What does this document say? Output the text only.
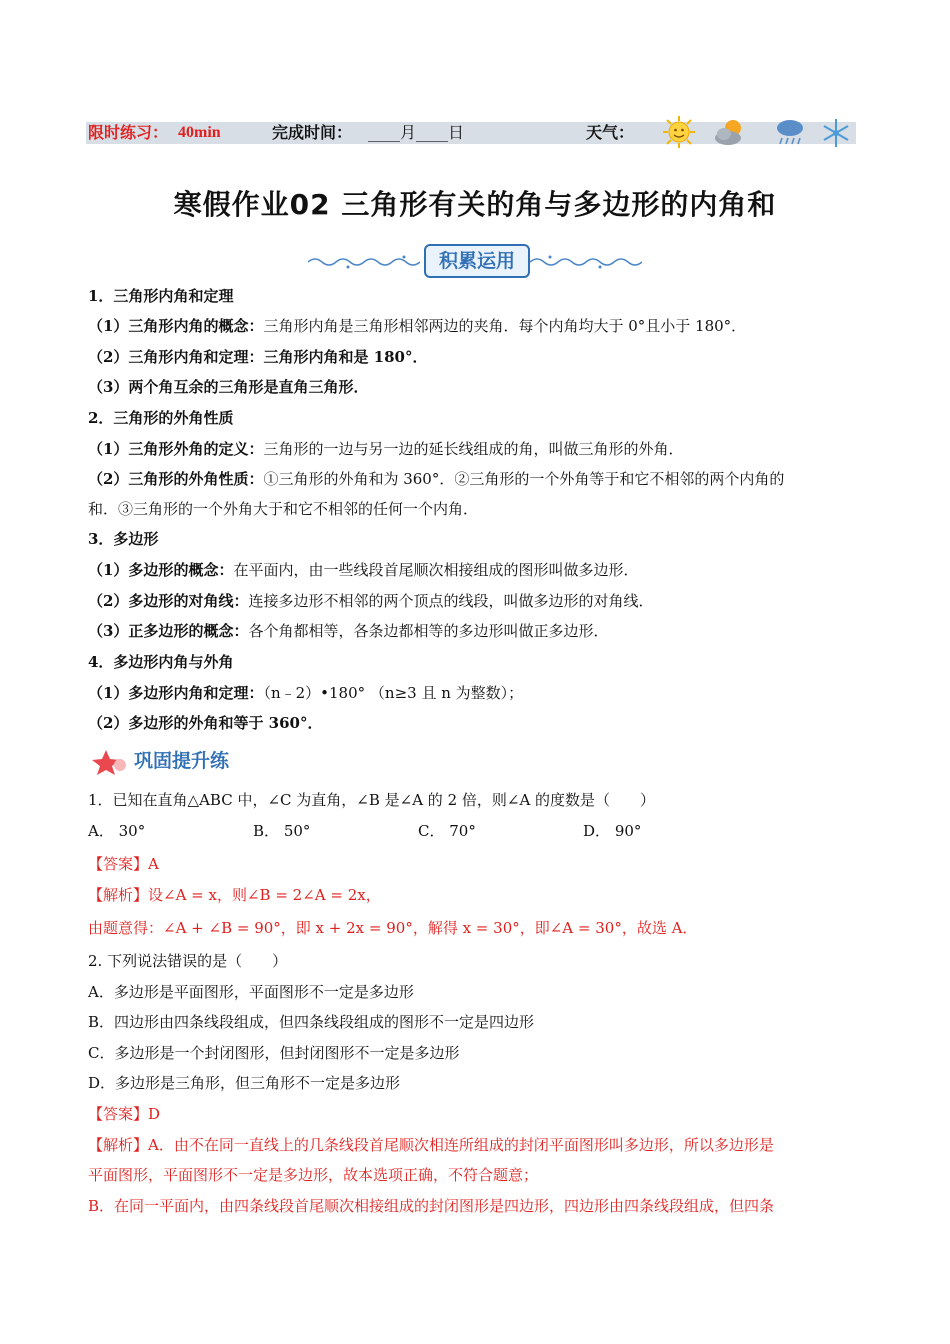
限时练习： 40min	完成时间： ____月____日	天气：
寒假作业02 三角形有关的角与多边形的内角和
积累运用
1．三角形内角和定理
（1）三角形内角的概念：三角形内角是三角形相邻两边的夹角．每个内角均大于 0°且小于 180°．
（2）三角形内角和定理：三角形内角和是 180°．
（3）两个角互余的三角形是直角三角形．
2．三角形的外角性质
（1）三角形外角的定义：三角形的一边与另一边的延长线组成的角，叫做三角形的外角．
（2）三角形的外角性质：①三角形的外角和为 360°．②三角形的一个外角等于和它不相邻的两个内角的
和．③三角形的一个外角大于和它不相邻的任何一个内角．
3．多边形
（1）多边形的概念：在平面内，由一些线段首尾顺次相接组成的图形叫做多边形．
（2）多边形的对角线：连接多边形不相邻的两个顶点的线段，叫做多边形的对角线．
（3）正多边形的概念：各个角都相等，各条边都相等的多边形叫做正多边形．
4．多边形内角与外角
（1）多边形内角和定理：（n﹣2）•180° （n≥3 且 n 为整数）；
（2）多边形的外角和等于 360°．
巩固提升练
1．已知在直角△ABC 中，∠C 为直角，∠B 是∠A 的 2 倍，则∠A 的度数是（　　）
A． 30°	B． 50°	C． 70°	D． 90°
【答案】A
【解析】设∠A = x，则∠B = 2∠A = 2x，
由题意得：∠A + ∠B = 90°，即 x + 2x = 90°，解得 x = 30°，即∠A = 30°，故选 A．
2. 下列说法错误的是（　　）
A．多边形是平面图形，平面图形不一定是多边形
B．四边形由四条线段组成，但四条线段组成的图形不一定是四边形
C．多边形是一个封闭图形，但封闭图形不一定是多边形
D．多边形是三角形，但三角形不一定是多边形
【答案】D
【解析】A．由不在同一直线上的几条线段首尾顺次相连所组成的封闭平面图形叫多边形，所以多边形是
平面图形，平面图形不一定是多边形，故本选项正确，不符合题意；
B．在同一平面内，由四条线段首尾顺次相接组成的封闭图形是四边形，四边形由四条线段组成，但四条
